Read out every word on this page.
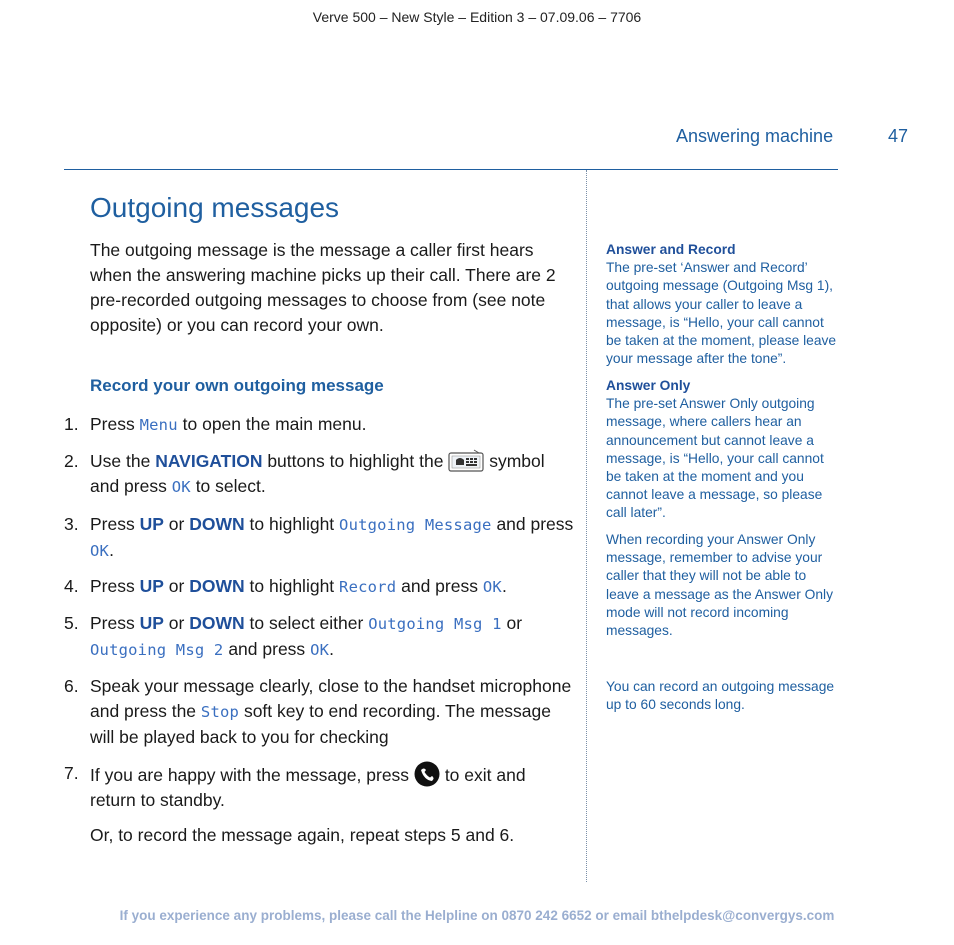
Verve 500 – New Style – Edition 3 – 07.09.06 – 7706
Answering machine	47
Outgoing messages

The outgoing message is the message a caller first hears when the answering machine picks up their call. There are 2 pre-recorded outgoing messages to choose from (see note opposite) or you can record your own.

Record your own outgoing message
1. Press Menu to open the main menu.
2. Use the NAVIGATION buttons to highlight the	symbol and press OK to select.
3. Press UP or DOWN to highlight Outgoing Message and press OK.
4. Press UP or DOWN to highlight Record and press OK.
5. Press UP or DOWN to select either Outgoing Msg 1 or Outgoing Msg 2 and press OK.
6. Speak your message clearly, close to the handset microphone and press the Stop soft key to end recording. The message will be played back to you for checking
7. If you are happy with the message, press to exit and return to standby.
Or, to record the message again, repeat steps 5 and 6.
Answer and Record
The pre-set ‘Answer and Record’ outgoing message (Outgoing Msg 1), that allows your caller to leave a message, is “Hello, your call cannot be taken at the moment, please leave your message after the tone”.
Answer Only
The pre-set Answer Only outgoing message, where callers hear an announcement but cannot leave a message, is “Hello, your call cannot be taken at the moment and you cannot leave a message, so please call later”.
When recording your Answer Only message, remember to advise your caller that they will not be able to leave a message as the Answer Only mode will not record incoming messages.
You can record an outgoing message up to 60 seconds long.
If you experience any problems, please call the Helpline on 0870 242 6652 or email bthelpdesk@convergys.com
